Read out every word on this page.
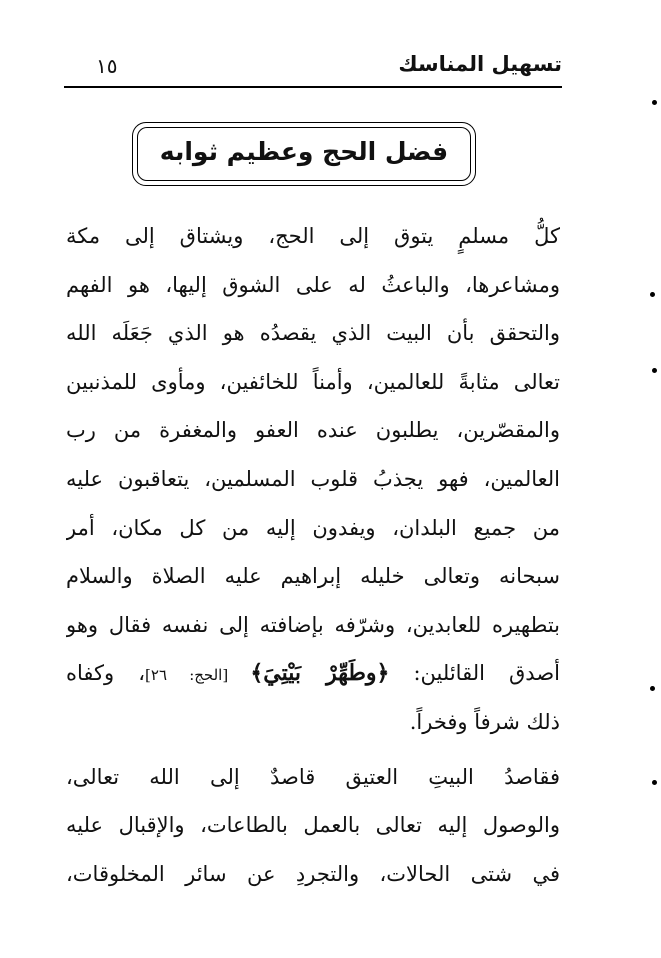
تسهيل المناسك
١٥
فضل الحج وعظيم ثوابه
كلُّ مسلمٍ يتوق إلى الحج، ويشتاق إلى مكة
ومشاعرها، والباعثُ له على الشوق إليها، هو الفهم
والتحقق بأن البيت الذي يقصدُه هو الذي جَعَلَه الله
تعالى مثابةً للعالمين، وأمناً للخائفين، ومأوى للمذنبين
والمقصّرين، يطلبون عنده العفو والمغفرة من رب
العالمين، فهو يجذبُ قلوب المسلمين، يتعاقبون عليه
من جميع البلدان، ويفدون إليه من كل مكان، أمر
سبحانه وتعالى خليله إبراهيم عليه الصلاة والسلام
بتطهيره للعابدين، وشرّفه بإضافته إلى نفسه فقال وهو
أصدق القائلين: ﴿وطَهِّرْ بَيْتِيَ﴾ [الحج: ٢٦]، وكفاه
ذلك شرفاً وفخراً.
فقاصدُ البيتِ العتيق قاصدٌ إلى الله تعالى،
والوصول إليه تعالى بالعمل بالطاعات، والإقبال عليه
في شتى الحالات، والتجردِ عن سائر المخلوقات،
